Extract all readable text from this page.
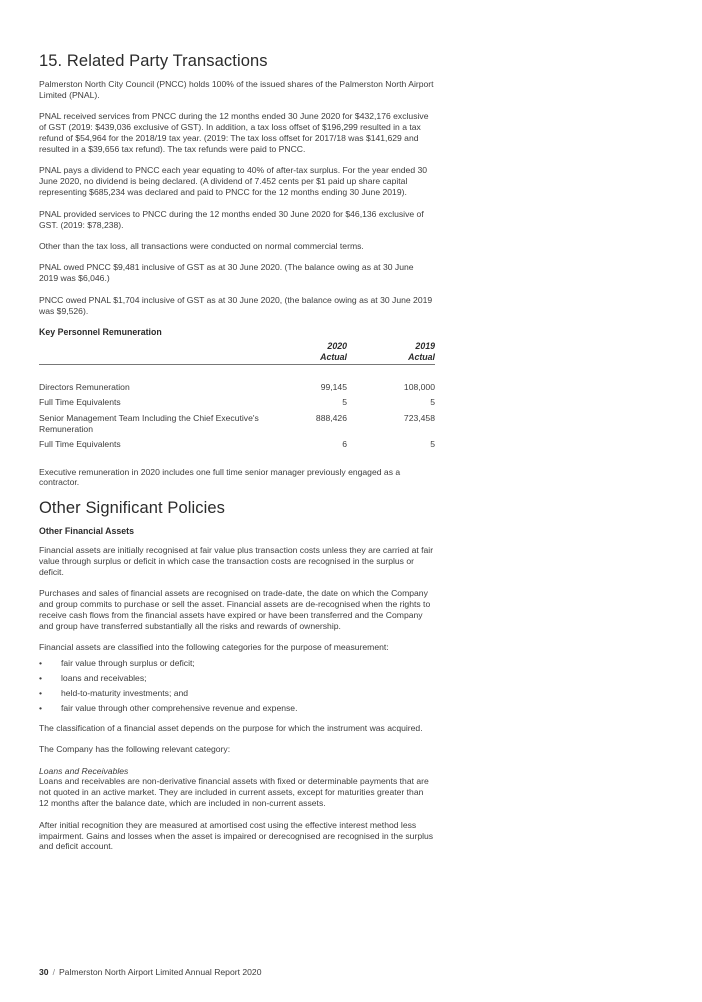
15. Related Party Transactions

Palmerston North City Council (PNCC) holds 100% of the issued shares of the Palmerston North Airport Limited (PNAL).

PNAL received services from PNCC during the 12 months ended 30 June 2020 for $432,176 exclusive of GST (2019: $439,036 exclusive of GST). In addition, a tax loss offset of $196,299 resulted in a tax refund of $54,964 for the 2018/19 tax year. (2019: The tax loss offset for 2017/18 was $141,629 and resulted in a $39,656 tax refund). The tax refunds were paid to PNCC.

PNAL pays a dividend to PNCC each year equating to 40% of after-tax surplus. For the year ended 30 June 2020, no dividend is being declared. (A dividend of 7.452 cents per $1 paid up share capital representing $685,234 was declared and paid to PNCC for the 12 months ending 30 June 2019).

PNAL provided services to PNCC during the 12 months ended 30 June 2020 for $46,136 exclusive of GST. (2019: $78,238).

Other than the tax loss, all transactions were conducted on normal commercial terms.

PNAL owed PNCC $9,481 inclusive of GST as at 30 June 2020. (The balance owing as at 30 June 2019 was $6,046.)

PNCC owed PNAL $1,704 inclusive of GST as at 30 June 2020, (the balance owing as at 30 June 2019 was $9,526).

Key Personnel Remuneration
	2020	2019
	Actual	Actual

Directors Remuneration	99,145	108,000
Full Time Equivalents	5	5
Senior Management Team Including the Chief Executive's Remuneration	888,426	723,458
Full Time Equivalents	6	5

Executive remuneration in 2020 includes one full time senior manager previously engaged as a contractor.

Other Significant Policies
Other Financial Assets

Financial assets are initially recognised at fair value plus transaction costs unless they are carried at fair value through surplus or deficit in which case the transaction costs are recognised in the surplus or deficit.

Purchases and sales of financial assets are recognised on trade-date, the date on which the Company and group commits to purchase or sell the asset. Financial assets are de-recognised when the rights to receive cash flows from the financial assets have expired or have been transferred and the Company and group have transferred substantially all the risks and rewards of ownership.

Financial assets are classified into the following categories for the purpose of measurement:

• fair value through surplus or deficit;
• loans and receivables;
• held-to-maturity investments; and
• fair value through other comprehensive revenue and expense.

The classification of a financial asset depends on the purpose for which the instrument was acquired.

The Company has the following relevant category:

Loans and Receivables

Loans and receivables are non-derivative financial assets with fixed or determinable payments that are not quoted in an active market. They are included in current assets, except for maturities greater than 12 months after the balance date, which are included in non-current assets.

After initial recognition they are measured at amortised cost using the effective interest method less impairment. Gains and losses when the asset is impaired or derecognised are recognised in the surplus and deficit account.

30 / Palmerston North Airport Limited Annual Report 2020
